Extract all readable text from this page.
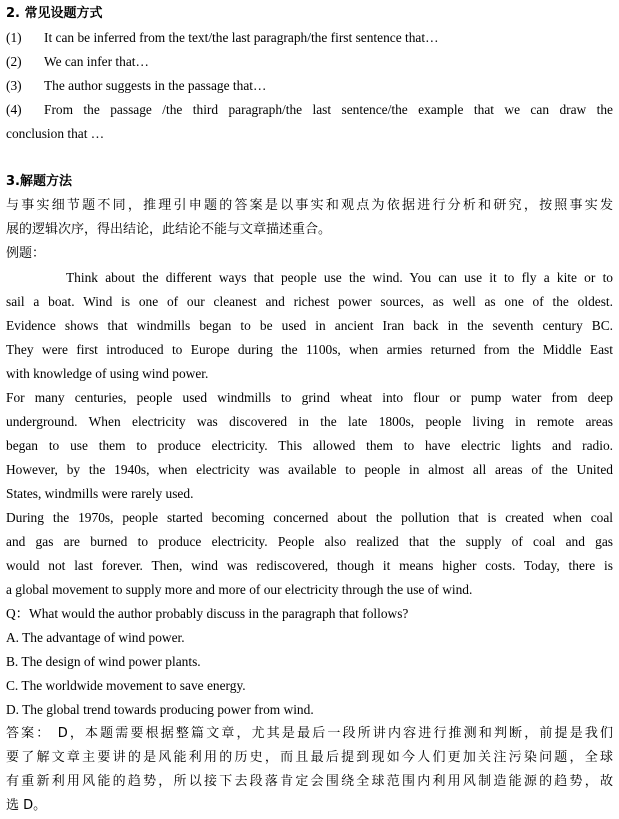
2. 常见设题方式
(1) It can be inferred from the text/the last paragraph/the first sentence that…
(2) We can infer that…
(3) The author suggests in the passage that…
(4) From the passage /the third paragraph/the last sentence/the example that we can draw the
conclusion that …
3.解题方法
与事实细节题不同，推理引申题的答案是以事实和观点为依据进行分析和研究，按照事实发
展的逻辑次序，得出结论，此结论不能与文章描述重合。
例题：
Think about the different ways that people use the wind. You can use it to fly a kite or to
sail a boat. Wind is one of our cleanest and richest power sources, as well as one of the oldest.
Evidence shows that windmills began to be used in ancient Iran back in the seventh century BC.
They were first introduced to Europe during the 1100s, when armies returned from the Middle East
with knowledge of using wind power.
For many centuries, people used windmills to grind wheat into flour or pump water from deep
underground. When electricity was discovered in the late 1800s, people living in remote areas
began to use them to produce electricity. This allowed them to have electric lights and radio.
However, by the 1940s, when electricity was available to people in almost all areas of the United
States, windmills were rarely used.
During the 1970s, people started becoming concerned about the pollution that is created when coal
and gas are burned to produce electricity. People also realized that the supply of coal and gas
would not last forever. Then, wind was rediscovered, though it means higher costs. Today, there is
a global movement to supply more and more of our electricity through the use of wind.
Q：What would the author probably discuss in the paragraph that follows?
A. The advantage of wind power.
B. The design of wind power plants.
C. The worldwide movement to save energy.
D. The global trend towards producing power from wind.
答案： D，本题需要根据整篇文章，尤其是最后一段所讲内容进行推测和判断，前提是我们
要了解文章主要讲的是风能利用的历史，而且最后提到现如今人们更加关注污染问题，全球
有重新利用风能的趋势，所以接下去段落肯定会围绕全球范围内利用风制造能源的趋势，故
选 D。
